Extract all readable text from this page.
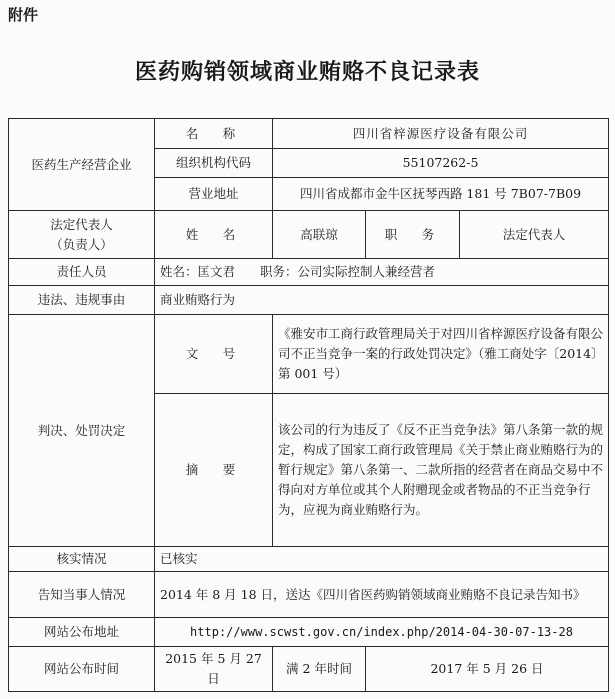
附件
医药购销领域商业贿赂不良记录表
医药生产经营企业	名　称	四川省梓源医疗设备有限公司		
	组织机构代码	55107262-5		
	营业地址	四川省成都市金牛区抚琴西路 181 号 7B07-7B09		

法定代表人
（负责人）	姓　名	高联琼	职　务	法定代表人
责任人员	姓名：匡文君　　职务：公司实际控制人兼经营者			
违法、违规事由	商业贿赂行为			
判决、处罚决定	文　号	《雅安市工商行政管理局关于对四川省梓源医疗设备有限公司不正当竞争一案的行政处罚决定》（雅工商处字〔2014〕第 001 号）		
	摘　要	该公司的行为违反了《反不正当竞争法》第八条第一款的规定，构成了国家工商行政管理局《关于禁止商业贿赂行为的暂行规定》第八条第一、二款所指的经营者在商品交易中不得向对方单位或其个人附赠现金或者物品的不正当竞争行为，应视为商业贿赂行为。		
核实情况	已核实			
告知当事人情况	2014 年 8 月 18 日，送达《四川省医药购销领域商业贿赂不良记录告知书》			
网站公布地址	http://www.scwst.gov.cn/index.php/2014-04-30-07-13-28			
网站公布时间	2015 年 5 月 27 日	满 2 年时间	2017 年 5 月 26 日	
